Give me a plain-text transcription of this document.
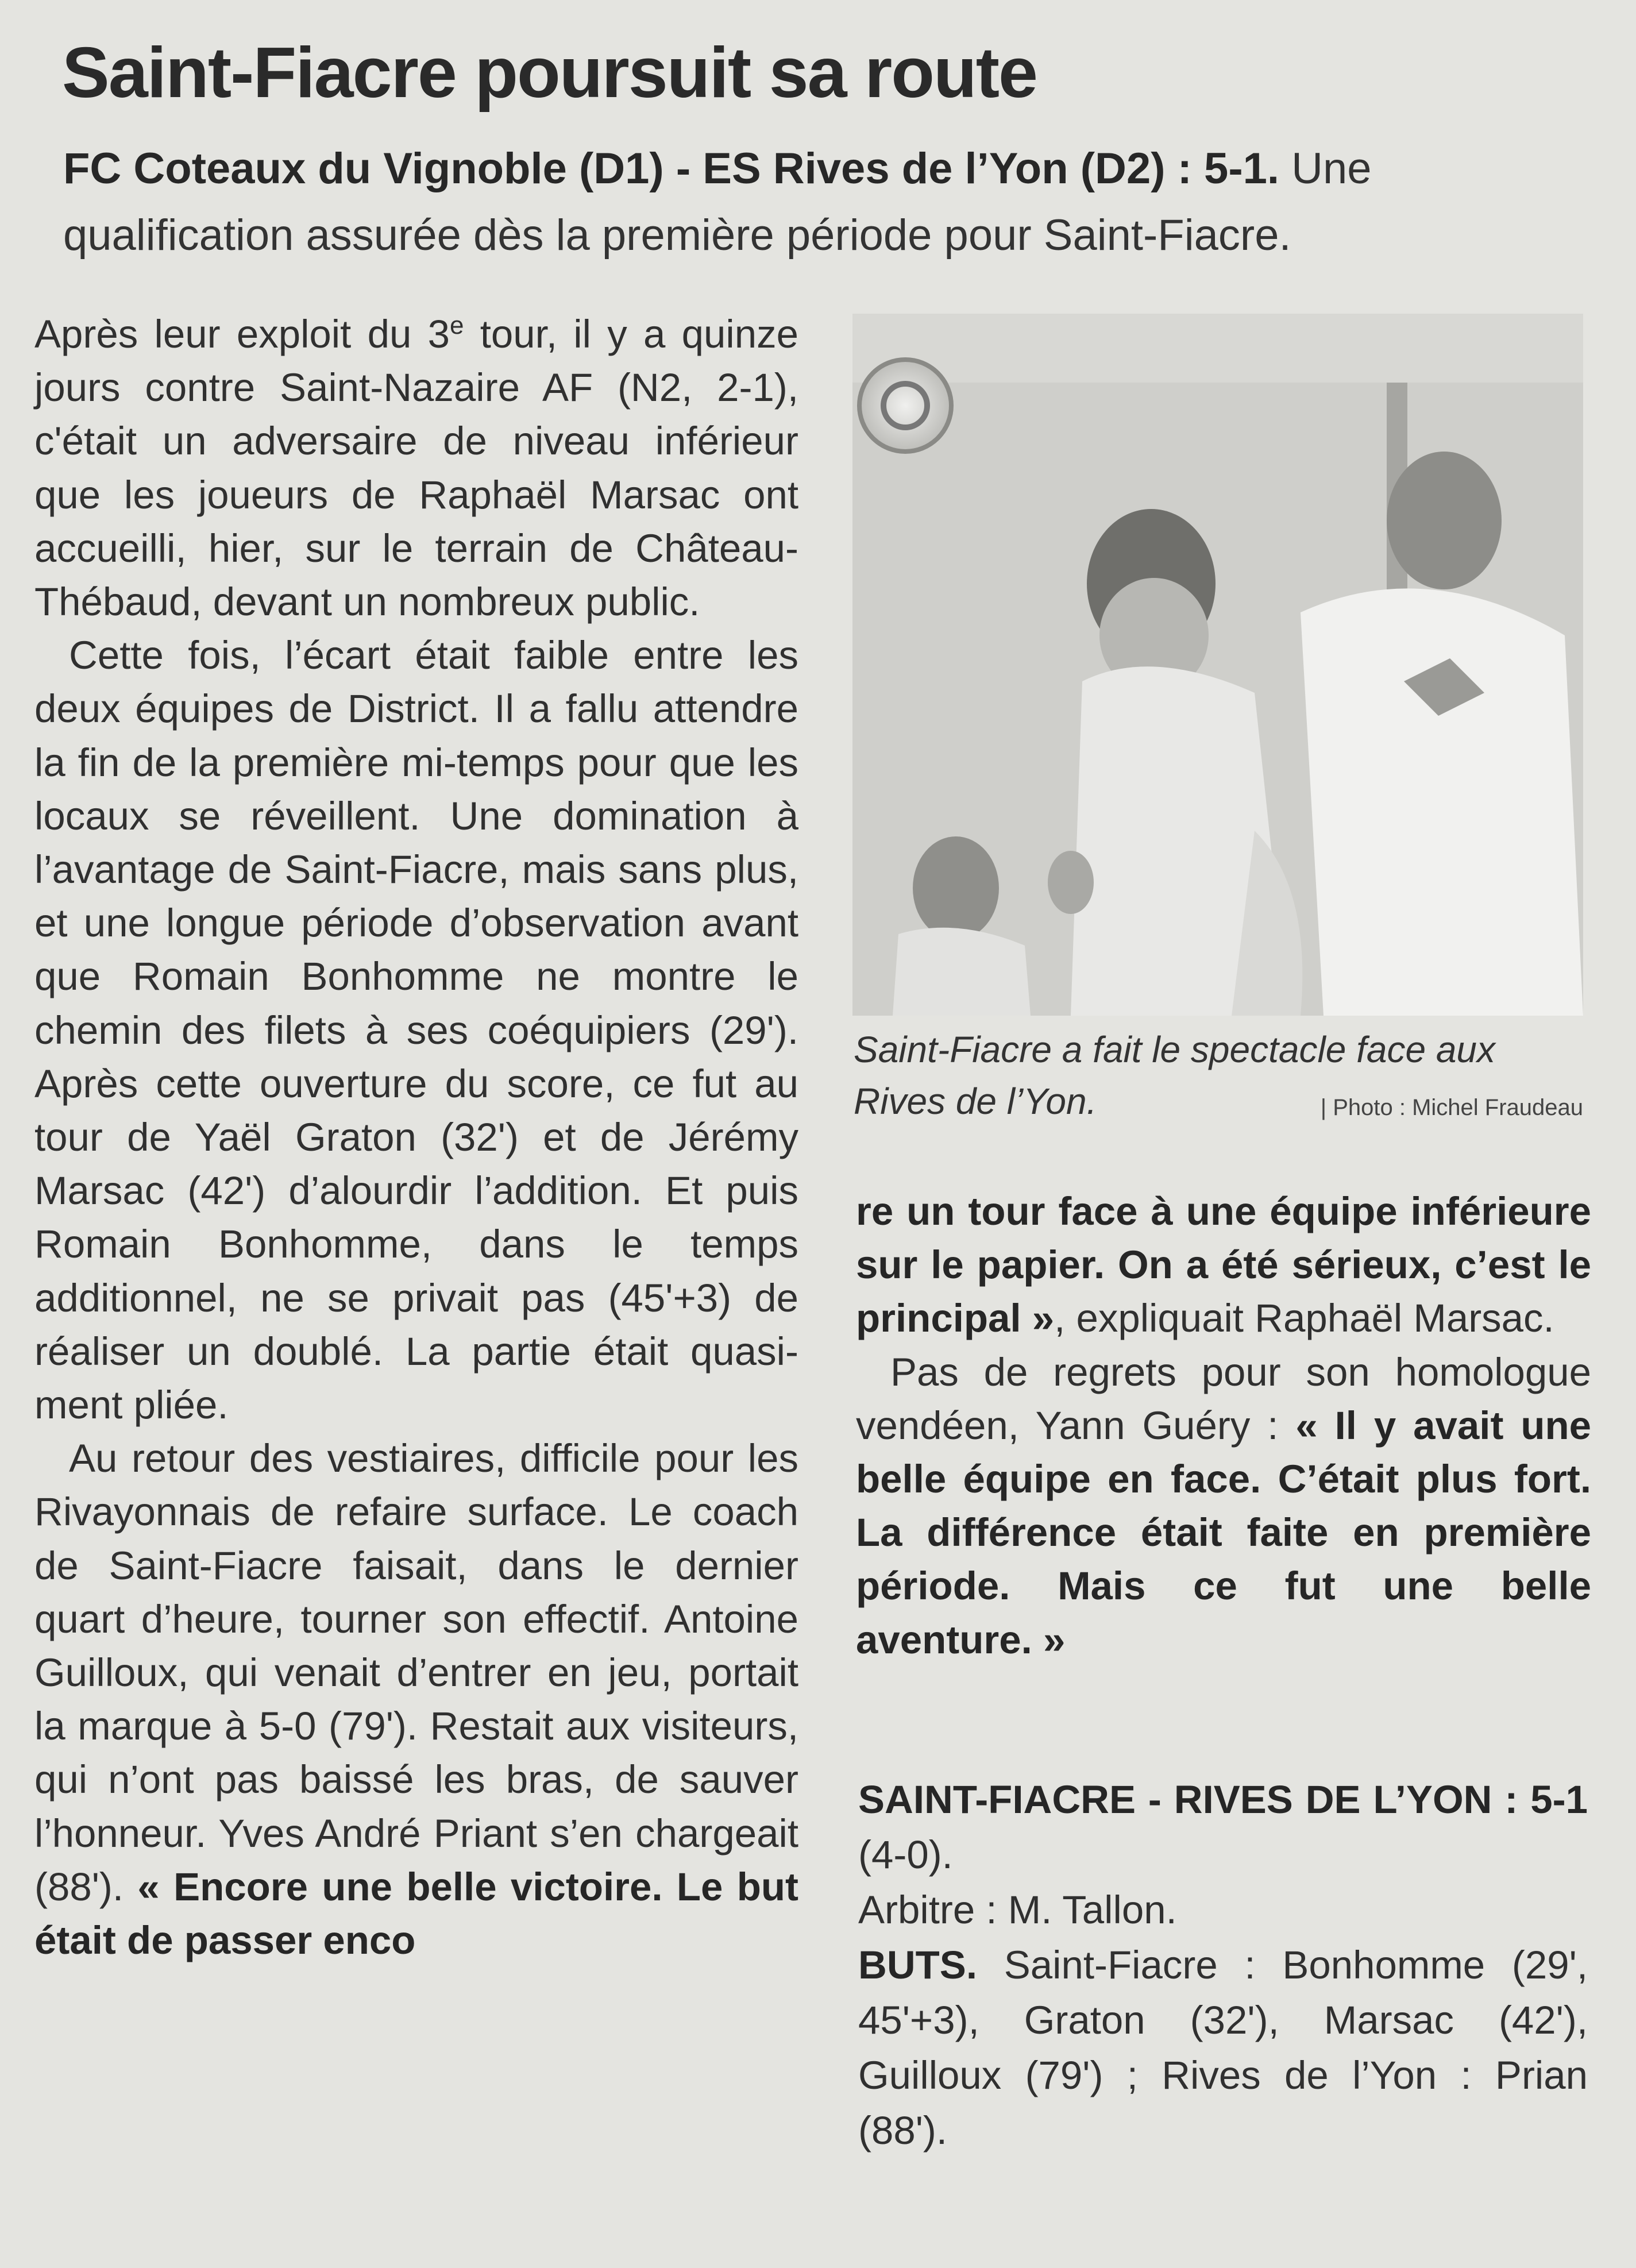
Saint-Fiacre poursuit sa route
FC Coteaux du Vignoble (D1) - ES Rives de l’Yon (D2) : 5-1. Une qualification assurée dès la première période pour Saint-Fiacre.

Après leur exploit du 3e tour, il y a quinze jours contre Saint-Nazaire AF (N2, 2-1), c'était un adversaire de niveau inférieur que les joueurs de Raphaël Marsac ont accueilli, hier, sur le terrain de Château-Thébaud, devant un nombreux public.

Cette fois, l’écart était faible entre les deux équipes de District. Il a fallu attendre la fin de la première mi-temps pour que les locaux se réveillent. Une domination à l’avantage de Saint-Fiacre, mais sans plus, et une longue période d’observation avant que Romain Bonhomme ne montre le chemin des filets à ses coéquipiers (29'). Après cette ouverture du score, ce fut au tour de Yaël Graton (32') et de Jérémy Marsac (42') d’alourdir l’addition. Et puis Romain Bonhomme, dans le temps additionnel, ne se privait pas (45'+3) de réaliser un doublé. La partie était quasiment pliée.

Au retour des vestiaires, difficile pour les Rivayonnais de refaire surface. Le coach de Saint-Fiacre faisait, dans le dernier quart d’heure, tourner son effectif. Antoine Guilloux, qui venait d’entrer en jeu, portait la marque à 5-0 (79'). Restait aux visiteurs, qui n’ont pas baissé les bras, de sauver l’honneur. Yves André Priant s’en chargeait (88'). « Encore une belle victoire. Le but était de passer enco

Saint-Fiacre a fait le spectacle face aux Rives de l’Yon.	| Photo : Michel Fraudeau

re un tour face à une équipe inférieure sur le papier. On a été sérieux, c’est le principal », expliquait Raphaël Marsac.

Pas de regrets pour son homologue vendéen, Yann Guéry : « Il y avait une belle équipe en face. C’était plus fort. La différence était faite en première période. Mais ce fut une belle aventure. »

SAINT-FIACRE - RIVES DE L’YON : 5-1 (4-0).

Arbitre : M. Tallon.

BUTS. Saint-Fiacre : Bonhomme (29', 45'+3), Graton (32'), Marsac (42'), Guilloux (79') ; Rives de l’Yon : Prian (88').
